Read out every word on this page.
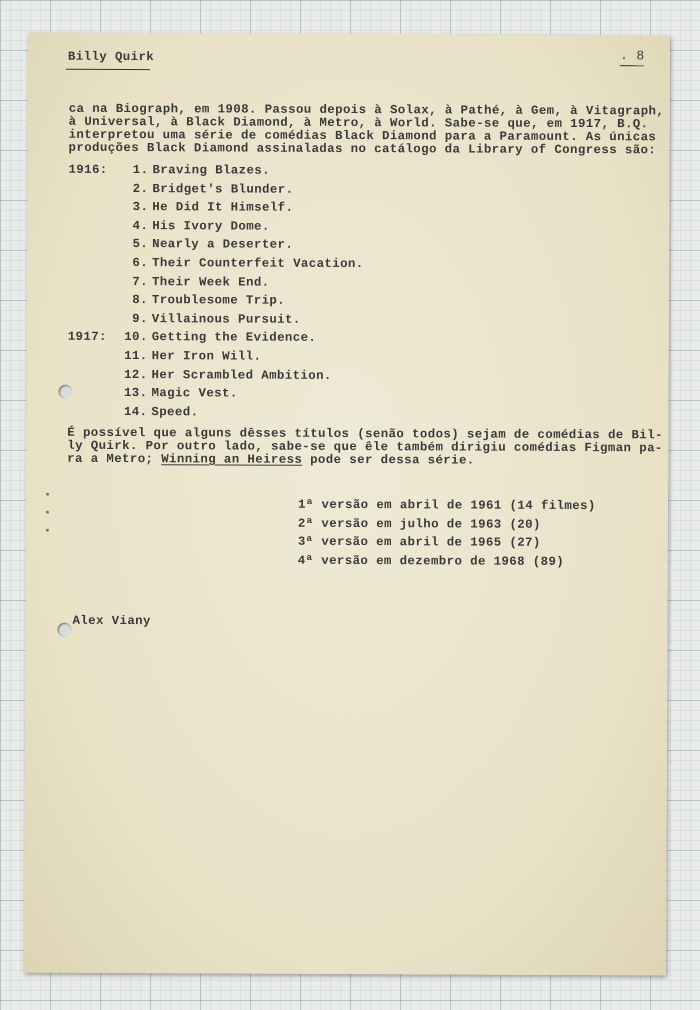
Billy Quirk	. 8
ca na Biograph, em 1908. Passou depois à Solax, à Pathé, à Gem, à Vitagraph,
à Universal, à Black Diamond, à Metro, à World. Sabe-se que, em 1917, B.Q.
interpretou uma série de comédias Black Diamond para a Paramount. As únicas
produções Black Diamond assinaladas no catálogo da Library of Congress são:
1916:	1. Braving Blazes.
2. Bridget's Blunder.
3. He Did It Himself.
4. His Ivory Dome.
5. Nearly a Deserter.
6. Their Counterfeit Vacation.
7. Their Week End.
8. Troublesome Trip.
9. Villainous Pursuit.
1917: 10. Getting the Evidence.
11. Her Iron Will.
12. Her Scrambled Ambition.
13. Magic Vest.
14. Speed.
É possível que alguns dêsses títulos (senão todos) sejam de comédias de Bil-
ly Quirk. Por outro lado, sabe-se que êle também dirigiu comédias Figman pa-
ra a Metro; Winning an Heiress pode ser dessa série.
1ª versão em abril de 1961 (14 filmes)
2ª versão em julho de 1963 (20)
3ª versão em abril de 1965 (27)
4ª versão em dezembro de 1968 (89)
Alex Viany
